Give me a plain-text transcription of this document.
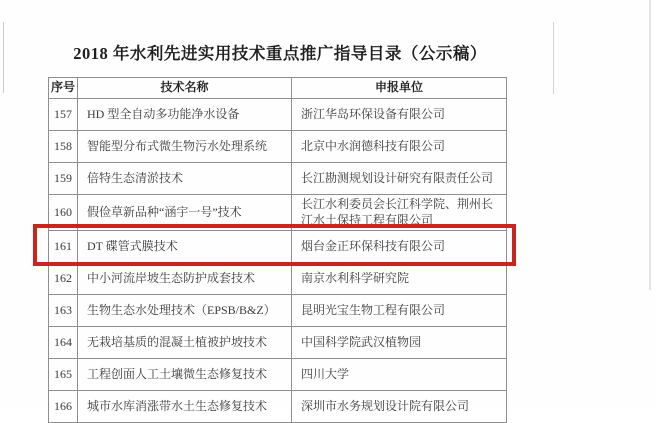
2018 年水利先进实用技术重点推广指导目录（公示稿）
序号	技术名称	申报单位
157	HD 型全自动多功能净水设备	浙江华岛环保设备有限公司
158	智能型分布式微生物污水处理系统	北京中水润德科技有限公司
159	倍特生态清淤技术	长江勘测规划设计研究有限责任公司
160	假俭草新品种“涵宇一号”技术	长江水利委员会长江科学院、荆州长江水土保持工程有限公司
161	DT 碟管式膜技术	烟台金正环保科技有限公司
162	中小河流岸坡生态防护成套技术	南京水利科学研究院
163	生物生态水处理技术（EPSB/B&Z）	昆明光宝生物工程有限公司
164	无栽培基质的混凝土植被护坡技术	中国科学院武汉植物园
165	工程创面人工土壤微生态修复技术	四川大学
166	城市水库消涨带水土生态修复技术	深圳市水务规划设计院有限公司
